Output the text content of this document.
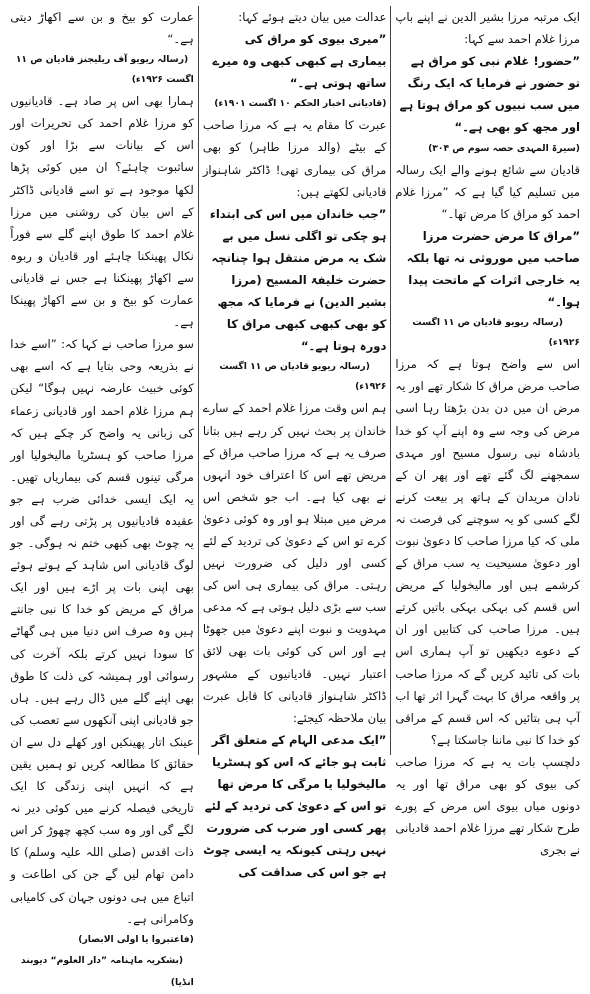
ایک مرتبہ مرزا بشیر الدین نے اپنے باپ مرزا غلام احمد سے کہا:

”حضور! غلام نبی کو مراق ہے تو حضور نے فرمایا کہ ایک رنگ میں سب نبیوں کو مراق ہوتا ہے اور مجھ کو بھی ہے۔“

(سیرۃ المہدی حصہ سوم ص ۳۰۴)

قادیان سے شائع ہونے والے ایک رسالہ میں تسلیم کیا گیا ہے کہ ”مرزا غلام احمد کو مراق کا مرض تھا۔“

”مراق کا مرض حضرت مرزا صاحب میں موروثی نہ تھا بلکہ یہ خارجی اثرات کے ماتحت پیدا ہوا۔“

(رسالہ ریویو قادیان ص ۱۱ اگست ۱۹۲۶ء)

اس سے واضح ہوتا ہے کہ مرزا صاحب مرض مراق کا شکار تھے اور یہ مرض ان میں دن بدن بڑھتا رہا اسی مرض کی وجہ سے وہ اپنے آپ کو خدا بادشاہ نبی رسول مسیح اور مہدی سمجھنے لگ گئے تھے اور پھر ان کے نادان مریدان کے ہاتھ پر بیعت کرنے لگے کسی کو یہ سوچنے کی فرصت نہ ملی کہ کیا مرزا صاحب کا دعویٰ نبوت اور دعویٰ مسیحیت یہ سب مراق کے کرشمے ہیں اور مالیخولیا کے مریض اس قسم کی بہکی بہکی باتیں کرتے ہیں۔ مرزا صاحب کی کتابیں اور ان کے دعوے دیکھیں تو آپ ہماری اس بات کی تائید کریں گے کہ مرزا صاحب پر واقعہ مراق کا بہت گہرا اثر تھا اب آپ ہی بتائیں کہ اس قسم کے مراقی کو خدا کا نبی ماننا جاسکتا ہے؟

دلچسپ بات یہ ہے کہ مرزا صاحب کی بیوی کو بھی مراق تھا اور یہ دونوں میاں بیوی اس مرض کے پورے طرح شکار تھے مرزا غلام احمد قادیانی نے بجری

عدالت میں بیان دیتے ہوئے کہا:

”میری بیوی کو مراق کی بیماری ہے کبھی کبھی وہ میرے ساتھ ہوتی ہے۔“

(قادیانی اخبار الحکم ۱۰ اگست ۱۹۰۱ء)

عبرت کا مقام یہ ہے کہ مرزا صاحب کے بیٹے (والد مرزا طاہر) کو بھی مراق کی بیماری تھی! ڈاکٹر شاہنواز قادیانی لکھتے ہیں:

”جب خاندان میں اس کی ابتداء ہو چکی تو اگلی نسل میں بے شک یہ مرض منتقل ہوا چنانچہ حضرت خلیفۃ المسیح (مرزا بشیر الدین) نے فرمایا کہ مجھ کو بھی کبھی کبھی مراق کا دورہ ہوتا ہے۔“

(رسالہ ریویو قادیان ص ۱۱ اگست ۱۹۲۶ء)

ہم اس وقت مرزا غلام احمد کے سارے خاندان پر بحث نہیں کر رہے ہیں بتانا صرف یہ ہے کہ مرزا صاحب مراق کے مریض تھے اس کا اعتراف خود انہوں نے بھی کیا ہے۔ اب جو شخص اس مرض میں مبتلا ہو اور وہ کوئی دعویٰ کرے تو اس کے دعویٰ کی تردید کے لئے کسی اور دلیل کی ضرورت نہیں رہتی۔ مراق کی بیماری ہی اس کی سب سے بڑی دلیل ہوتی ہے کہ مدعی مہدویت و نبوت اپنے دعویٰ میں جھوٹا ہے اور اس کی کوئی بات بھی لائق اعتبار نہیں۔ قادیانیوں کے مشہور ڈاکٹر شاہنواز قادیانی کا قابل عبرت بیان ملاحظہ کیجئے:

”ایک مدعی الہام کے متعلق اگر ثابت ہو جائے کہ اس کو ہسٹریا مالیخولیا یا مرگی کا مرض تھا تو اس کے دعویٰ کی تردید کے لئے پھر کسی اور ضرب کی ضرورت نہیں رہتی کیونکہ یہ ایسی چوٹ ہے جو اس کی صداقت کی

عمارت کو بیخ و بن سے اکھاڑ دیتی ہے۔“

(رسالہ ریویو آف ریلیجنز قادیان ص ۱۱ اگست ۱۹۲۶ء)

ہمارا بھی اس پر صاد ہے۔ قادیانیوں کو مرزا غلام احمد کی تحریرات اور اس کے بیانات سے بڑا اور کون ساثبوت چاہئے؟ ان میں کوئی پڑھا لکھا موجود ہے تو اسے قادیانی ڈاکٹر کے اس بیان کی روشنی میں مرزا غلام احمد کا طوق اپنے گلے سے فوراً نکال پھینکنا چاہئے اور قادیان و ربوہ سے اکھاڑ پھینکنا ہے جس نے قادیانی عمارت کو بیخ و بن سے اکھاڑ پھینکا ہے۔

سو مرزا صاحب نے کہا کہ: ”اسے خدا نے بذریعہ وحی بتایا ہے کہ اسے بھی کوئی خبیث عارضہ نہیں ہوگا“ لیکن ہم مرزا غلام احمد اور قادیانی زعماء کی زبانی یہ واضح کر چکے ہیں کہ مرزا صاحب کو ہسٹریا مالیخولیا اور مرگی تینوں قسم کی بیماریاں تھیں۔ یہ ایک ایسی خدائی ضرب ہے جو عقیدہ قادیانیوں پر پڑتی رہے گی اور یہ چوٹ بھی کبھی ختم نہ ہوگی۔ جو لوگ قادیانی اس شاہد کے ہوتے ہوئے بھی اپنی بات پر اڑے ہیں اور ایک مراق کے مریض کو خدا کا نبی جانتے ہیں وہ صرف اس دنیا میں ہی گھاٹے کا سودا نہیں کرتے بلکہ آخرت کی رسوائی اور ہمیشہ کی ذلت کا طوق بھی اپنے گلے میں ڈال رہے ہیں۔ ہاں جو قادیانی اپنی آنکھوں سے تعصب کی عینک اتار پھینکیں اور کھلے دل سے ان حقائق کا مطالعہ کریں تو ہمیں یقین ہے کہ انہیں اپنی زندگی کا ایک تاریخی فیصلہ کرنے میں کوئی دیر نہ لگے گی اور وہ سب کچھ چھوڑ کر اس ذات اقدس (صلی اللہ علیہ وسلم) کا دامن تھام لیں گے جن کی اطاعت و اتباع میں ہی دونوں جہان کی کامیابی وکامرانی ہے۔

(فاعتبروا یا اولی الابصار)

(بشکریہ ماہنامہ ”دار العلوم“ دیوبند انڈیا)
